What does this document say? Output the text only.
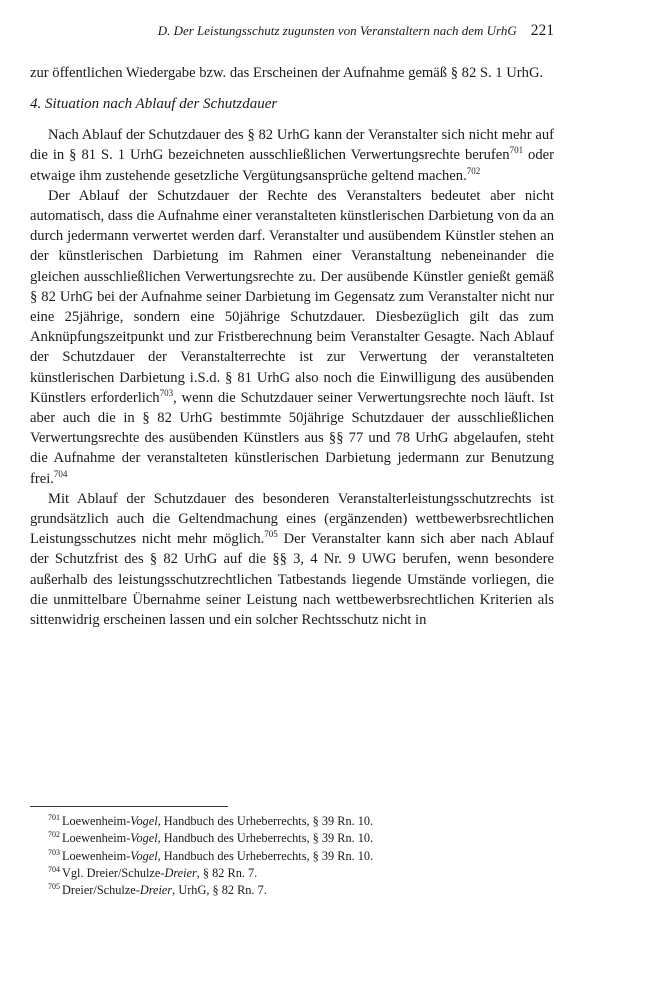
D. Der Leistungsschutz zugunsten von Veranstaltern nach dem UrhG 221

zur öffentlichen Wiedergabe bzw. das Erscheinen der Aufnahme gemäß § 82 S. 1 UrhG.

4. Situation nach Ablauf der Schutzdauer

Nach Ablauf der Schutzdauer des § 82 UrhG kann der Veranstalter sich nicht mehr auf die in § 81 S. 1 UrhG bezeichneten ausschließlichen Verwertungsrechte berufen$^{701}$ oder etwaige ihm zustehende gesetzliche Vergütungsansprüche geltend machen.$^{702}$

Der Ablauf der Schutzdauer der Rechte des Veranstalters bedeutet aber nicht automatisch, dass die Aufnahme einer veranstalteten künstlerischen Darbietung von da an durch jedermann verwertet werden darf. Veranstalter und ausübendem Künstler stehen an der künstlerischen Darbietung im Rahmen einer Veranstaltung nebeneinander die gleichen ausschließlichen Verwertungsrechte zu. Der ausübende Künstler genießt gemäß § 82 UrhG bei der Aufnahme seiner Darbietung im Gegensatz zum Veranstalter nicht nur eine 25jährige, sondern eine 50jährige Schutzdauer. Diesbezüglich gilt das zum Anknüpfungszeitpunkt und zur Fristberechnung beim Veranstalter Gesagte. Nach Ablauf der Schutzdauer der Veranstalterrechte ist zur Verwertung der veranstalteten künstlerischen Darbietung i.S.d. § 81 UrhG also noch die Einwilligung des ausübenden Künstlers erforderlich$^{703}$, wenn die Schutzdauer seiner Verwertungsrechte noch läuft. Ist aber auch die in § 82 UrhG bestimmte 50jährige Schutzdauer der ausschließlichen Verwertungsrechte des ausübenden Künstlers aus §§ 77 und 78 UrhG abgelaufen, steht die Aufnahme der veranstalteten künstlerischen Darbietung jedermann zur Benutzung frei.$^{704}$

Mit Ablauf der Schutzdauer des besonderen Veranstalterleistungsschutzrechts ist grundsätzlich auch die Geltendmachung eines (ergänzenden) wettbewerbsrechtlichen Leistungsschutzes nicht mehr möglich.$^{705}$ Der Veranstalter kann sich aber nach Ablauf der Schutzfrist des § 82 UrhG auf die §§ 3, 4 Nr. 9 UWG berufen, wenn besondere außerhalb des leistungsschutzrechtlichen Tatbestands liegende Umstände vorliegen, die die unmittelbare Übernahme seiner Leistung nach wettbewerbsrechtlichen Kriterien als sittenwidrig erscheinen lassen und ein solcher Rechtsschutz nicht in

$^{701}$ Loewenheim-Vogel, Handbuch des Urheberrechts, § 39 Rn. 10.
$^{702}$ Loewenheim-Vogel, Handbuch des Urheberrechts, § 39 Rn. 10.
$^{703}$ Loewenheim-Vogel, Handbuch des Urheberrechts, § 39 Rn. 10.
$^{704}$ Vgl. Dreier/Schulze-Dreier, § 82 Rn. 7.
$^{705}$ Dreier/Schulze-Dreier, UrhG, § 82 Rn. 7.
